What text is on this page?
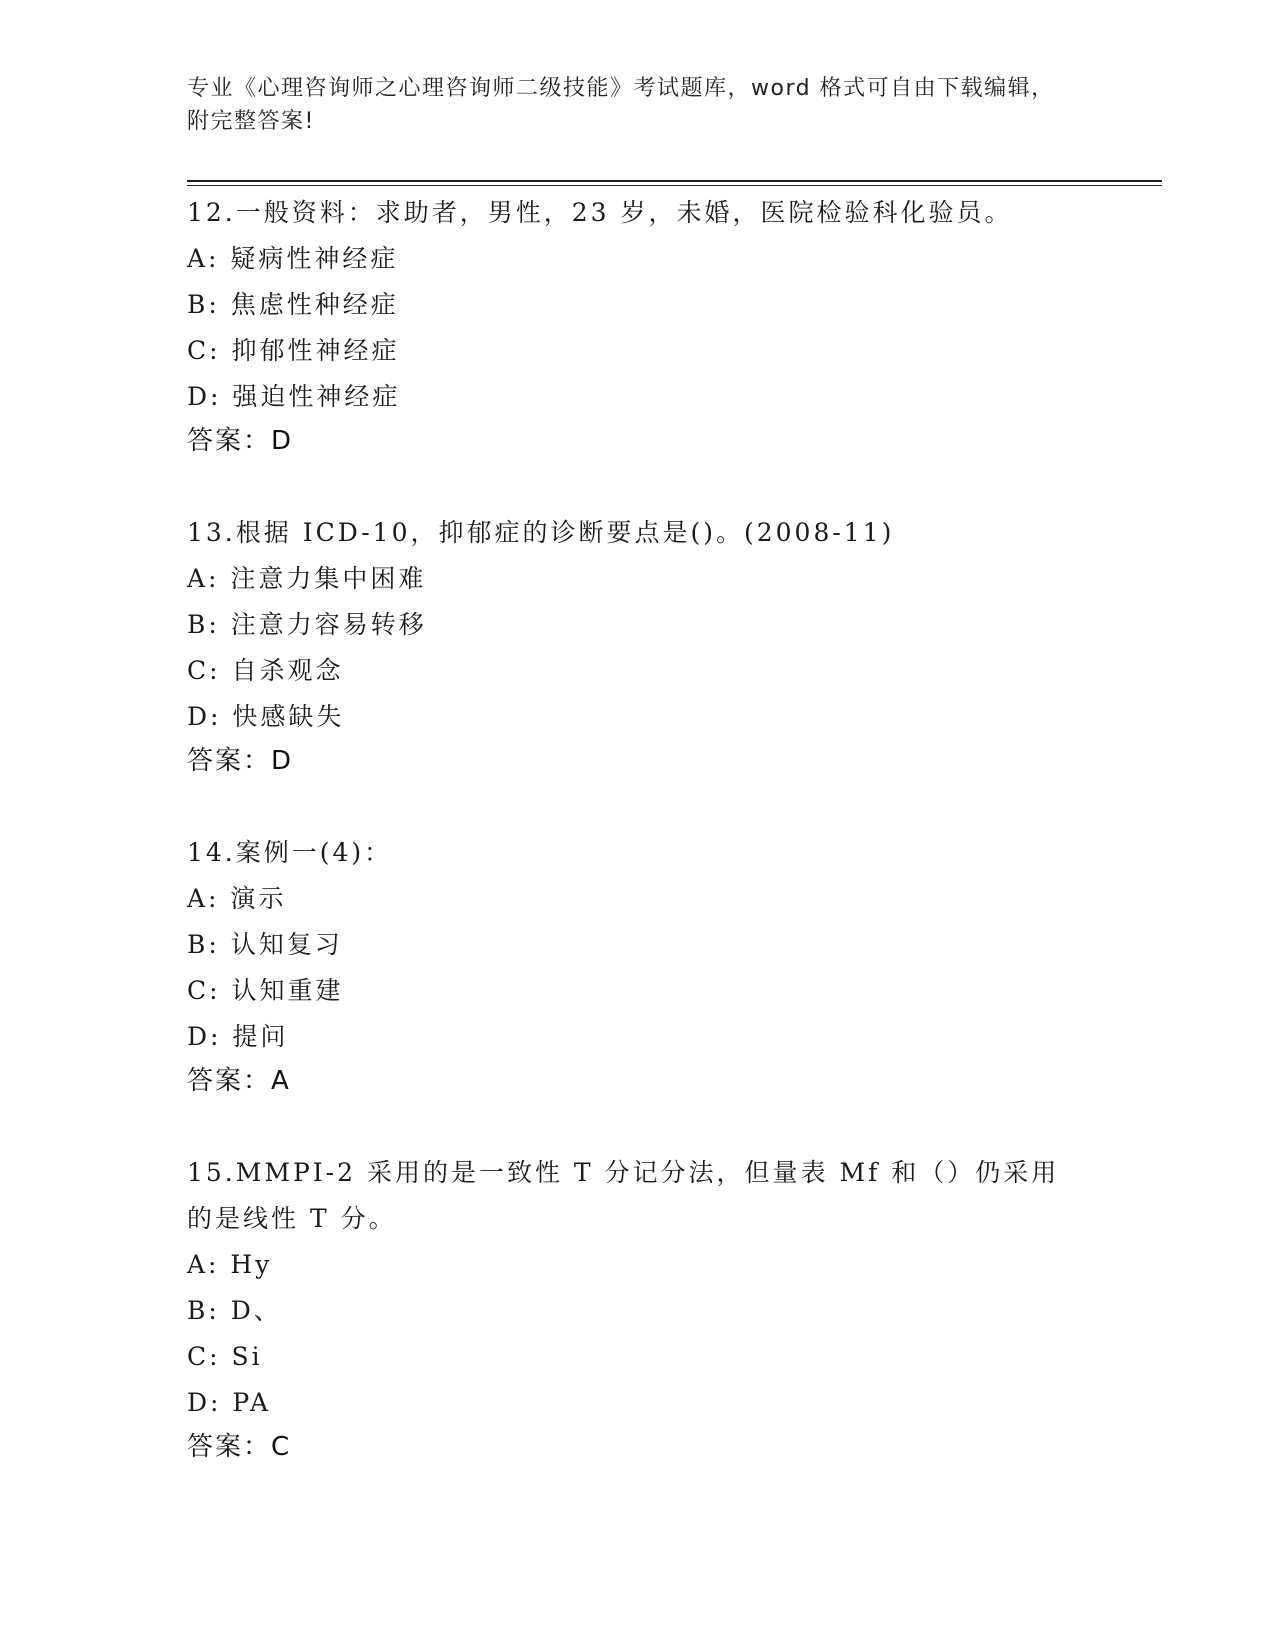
专业《心理咨询师之心理咨询师二级技能》考试题库，word 格式可自由下载编辑，附完整答案!
12.一般资料：求助者，男性，23 岁，未婚，医院检验科化验员。
A: 疑病性神经症
B: 焦虑性种经症
C: 抑郁性神经症
D: 强迫性神经症
答案：D
13.根据 ICD-10，抑郁症的诊断要点是()。(2008-11)
A: 注意力集中困难
B: 注意力容易转移
C: 自杀观念
D: 快感缺失
答案：D
14.案例一(4)：
A: 演示
B: 认知复习
C: 认知重建
D: 提问
答案：A
15.MMPI-2 采用的是一致性 T 分记分法，但量表 Mf 和（）仍采用的是线性 T 分。
A: Hy
B: D、
C: Si
D: PA
答案：C
